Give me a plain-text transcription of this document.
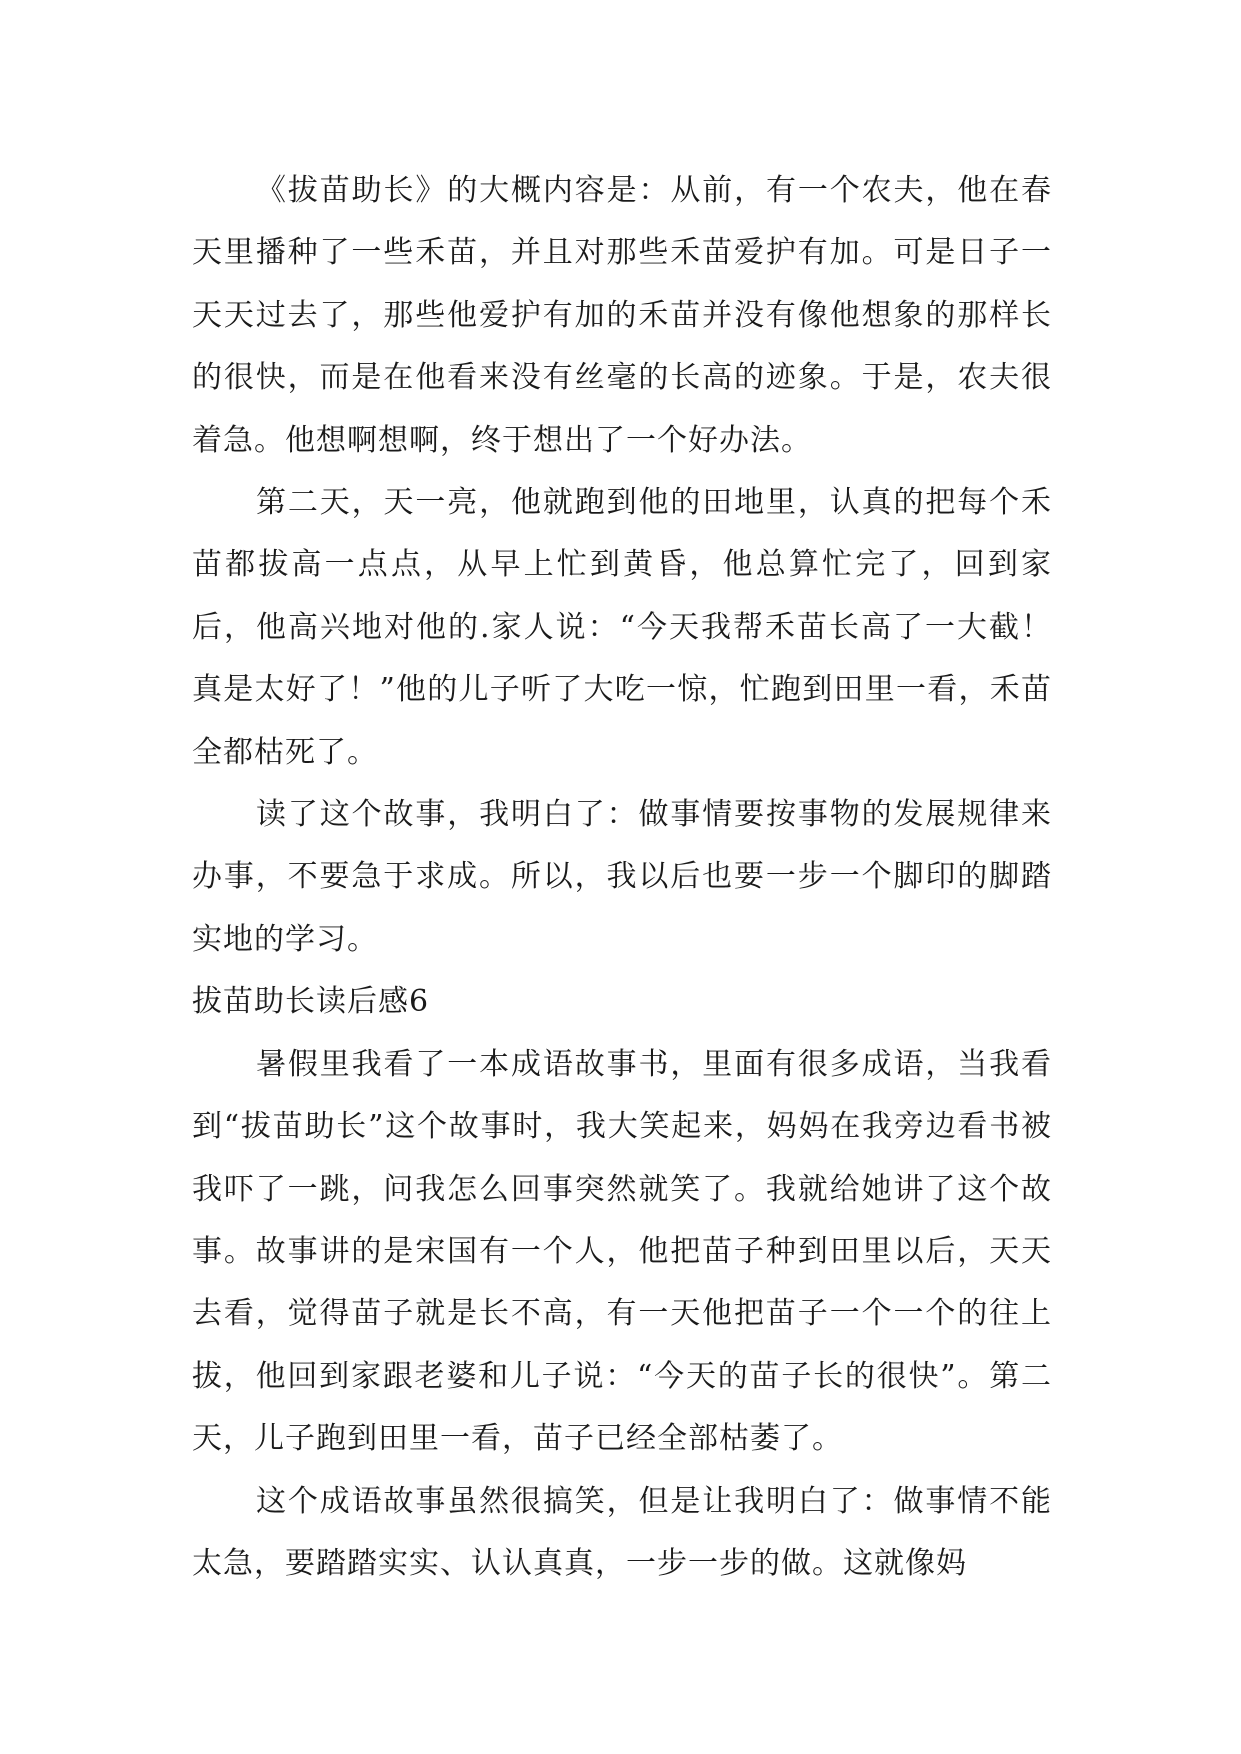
《拔苗助长》的大概内容是：从前，有一个农夫，他在春天里播种了一些禾苗，并且对那些禾苗爱护有加。可是日子一天天过去了，那些他爱护有加的禾苗并没有像他想象的那样长的很快，而是在他看来没有丝毫的长高的迹象。于是，农夫很着急。他想啊想啊，终于想出了一个好办法。

第二天，天一亮，他就跑到他的田地里，认真的把每个禾苗都拔高一点点，从早上忙到黄昏，他总算忙完了，回到家后，他高兴地对他的.家人说：“今天我帮禾苗长高了一大截！真是太好了！”他的儿子听了大吃一惊，忙跑到田里一看，禾苗全都枯死了。

读了这个故事，我明白了：做事情要按事物的发展规律来办事，不要急于求成。所以，我以后也要一步一个脚印的脚踏实地的学习。

拔苗助长读后感6

暑假里我看了一本成语故事书，里面有很多成语，当我看到“拔苗助长”这个故事时，我大笑起来，妈妈在我旁边看书被我吓了一跳，问我怎么回事突然就笑了。我就给她讲了这个故事。故事讲的是宋国有一个人，他把苗子种到田里以后，天天去看，觉得苗子就是长不高，有一天他把苗子一个一个的往上拔，他回到家跟老婆和儿子说：“今天的苗子长的很快”。第二天，儿子跑到田里一看，苗子已经全部枯萎了。

这个成语故事虽然很搞笑，但是让我明白了：做事情不能太急，要踏踏实实、认认真真，一步一步的做。这就像妈
